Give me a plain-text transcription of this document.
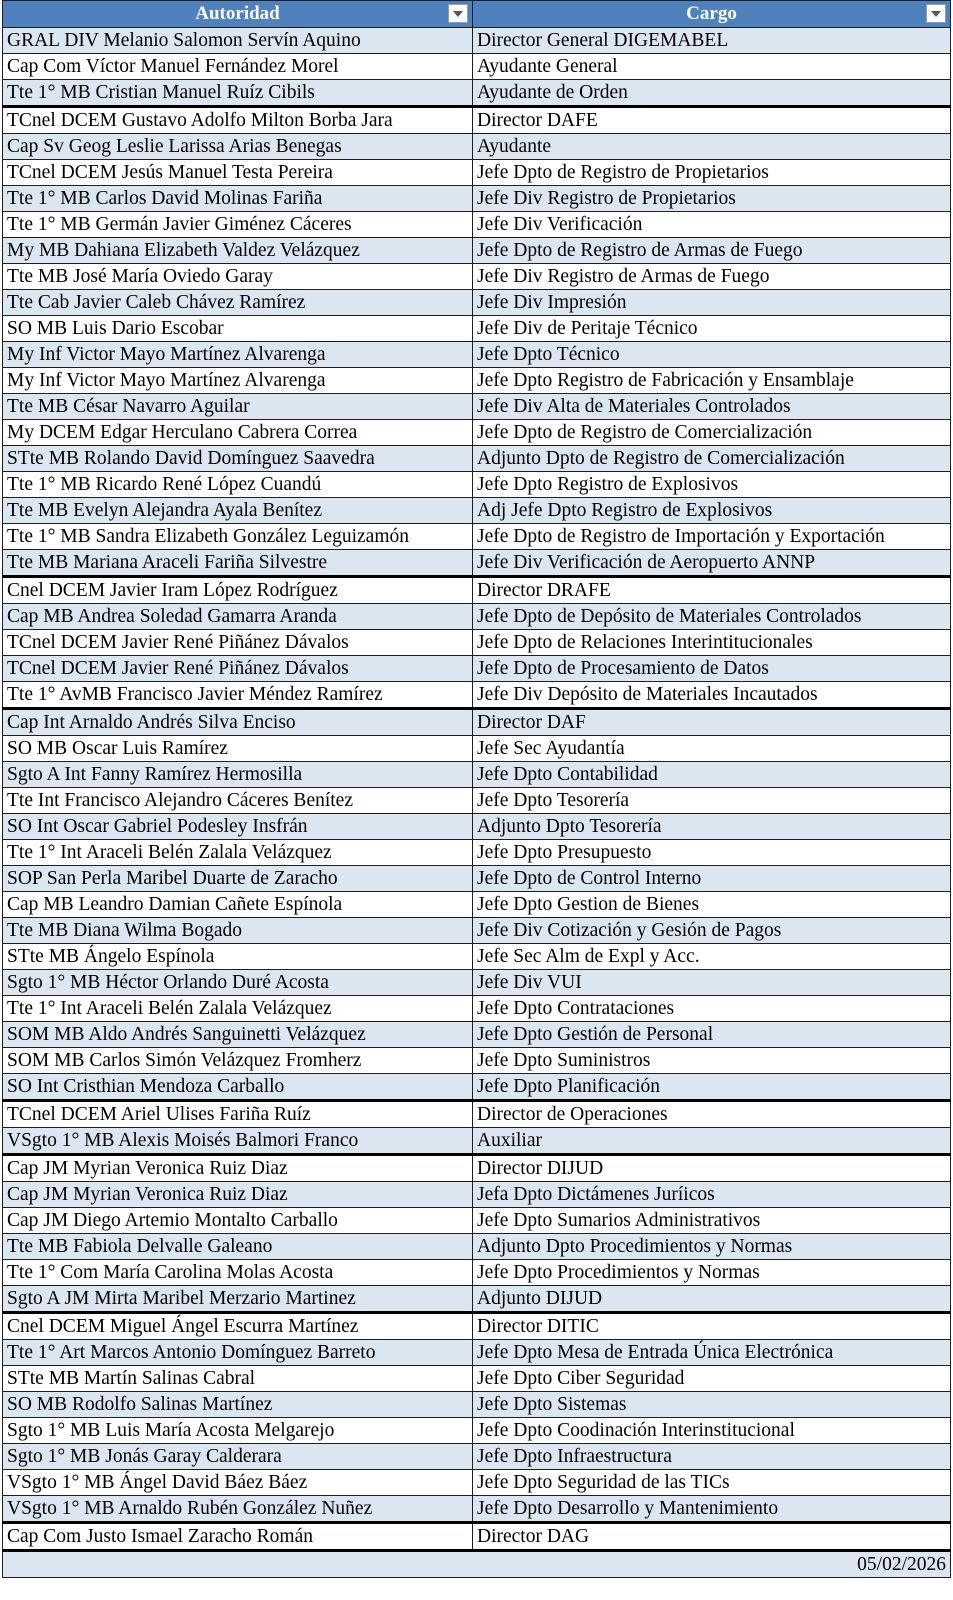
Autoridad	Cargo

GRAL DIV Melanio Salomon Servín Aquino	Director General DIGEMABEL
Cap Com Víctor Manuel Fernández Morel	Ayudante General
Tte 1° MB Cristian Manuel Ruíz Cibils	Ayudante de Orden
TCnel DCEM Gustavo Adolfo Milton Borba Jara	Director DAFE
Cap Sv Geog Leslie Larissa Arias Benegas	Ayudante
TCnel DCEM Jesús Manuel Testa Pereira	Jefe Dpto de Registro de Propietarios
Tte 1° MB Carlos David Molinas Fariña	Jefe Div Registro de Propietarios
Tte 1° MB Germán Javier Giménez Cáceres	Jefe Div Verificación
My MB Dahiana Elizabeth Valdez Velázquez	Jefe Dpto de Registro de Armas de Fuego
Tte MB José María Oviedo Garay	Jefe Div Registro de Armas de Fuego
Tte Cab Javier Caleb Chávez Ramírez	Jefe Div Impresión
SO MB Luis Dario Escobar	Jefe Div de Peritaje Técnico
My Inf Victor Mayo Martínez Alvarenga	Jefe Dpto Técnico
My Inf Victor Mayo Martínez Alvarenga	Jefe Dpto Registro de Fabricación y Ensamblaje
Tte MB César Navarro Aguilar	Jefe Div Alta de Materiales Controlados
My DCEM Edgar Herculano Cabrera Correa	Jefe Dpto de Registro de Comercialización
STte MB Rolando David Domínguez Saavedra	Adjunto Dpto de Registro de Comercialización
Tte 1° MB Ricardo René López Cuandú	Jefe Dpto Registro de Explosivos
Tte MB Evelyn Alejandra Ayala Benítez	Adj Jefe Dpto Registro de Explosivos
Tte 1° MB Sandra Elizabeth González Leguizamón	Jefe Dpto de Registro de Importación y Exportación
Tte MB Mariana Araceli Fariña Silvestre	Jefe Div Verificación de Aeropuerto ANNP
Cnel DCEM Javier Iram López Rodríguez	Director DRAFE
Cap MB Andrea Soledad Gamarra Aranda	Jefe Dpto de Depósito de Materiales Controlados
TCnel DCEM Javier René Piñánez Dávalos	Jefe Dpto de Relaciones Interintitucionales
TCnel DCEM Javier René Piñánez Dávalos	Jefe Dpto de Procesamiento de Datos
Tte 1° AvMB Francisco Javier Méndez Ramírez	Jefe Div Depósito de Materiales Incautados
Cap Int Arnaldo Andrés Silva Enciso	Director DAF
SO MB Oscar Luis Ramírez	Jefe Sec Ayudantía
Sgto A Int Fanny Ramírez Hermosilla	Jefe Dpto Contabilidad
Tte Int Francisco Alejandro Cáceres Benítez	Jefe Dpto Tesorería
SO Int Oscar Gabriel Podesley Insfrán	Adjunto Dpto Tesorería
Tte 1° Int Araceli Belén Zalala Velázquez	Jefe Dpto Presupuesto
SOP San Perla Maribel Duarte de Zaracho	Jefe Dpto de Control Interno
Cap MB Leandro Damian Cañete Espínola	Jefe Dpto Gestion de Bienes
Tte MB Diana Wilma Bogado	Jefe Div Cotización y Gesión de Pagos
STte MB Ángelo Espínola	Jefe Sec Alm de Expl y Acc.
Sgto 1° MB Héctor Orlando Duré Acosta	Jefe Div VUI
Tte 1° Int Araceli Belén Zalala Velázquez	Jefe Dpto Contrataciones
SOM MB Aldo Andrés Sanguinetti Velázquez	Jefe Dpto Gestión de Personal
SOM MB Carlos Simón Velázquez Fromherz	Jefe Dpto Suministros
SO Int Cristhian Mendoza Carballo	Jefe Dpto Planificación
TCnel DCEM Ariel Ulises Fariña Ruíz	Director de Operaciones
VSgto 1° MB Alexis Moisés Balmori Franco	Auxiliar
Cap JM Myrian Veronica Ruiz Diaz	Director DIJUD
Cap JM Myrian Veronica Ruiz Diaz	Jefa Dpto Dictámenes Juríicos
Cap JM Diego Artemio Montalto Carballo	Jefe Dpto Sumarios Administrativos
Tte MB Fabiola Delvalle Galeano	Adjunto Dpto Procedimientos y Normas
Tte 1° Com María Carolina Molas Acosta	Jefe Dpto Procedimientos y Normas
Sgto A JM Mirta Maribel Merzario Martinez	Adjunto DIJUD
Cnel DCEM Miguel Ángel Escurra Martínez	Director DITIC
Tte 1° Art Marcos Antonio Domínguez Barreto	Jefe Dpto Mesa de Entrada Única Electrónica
STte MB Martín Salinas Cabral	Jefe Dpto Ciber Seguridad
SO MB Rodolfo Salinas Martínez	Jefe Dpto Sistemas
Sgto 1° MB Luis María Acosta Melgarejo	Jefe Dpto Coodinación Interinstitucional
Sgto 1° MB Jonás Garay Calderara	Jefe Dpto Infraestructura
VSgto 1° MB Ángel David Báez Báez	Jefe Dpto Seguridad de las TICs
VSgto 1° MB Arnaldo Rubén González Nuñez	Jefe Dpto Desarrollo y Mantenimiento
Cap Com Justo Ismael Zaracho Román	Director DAG
05/02/2026	
